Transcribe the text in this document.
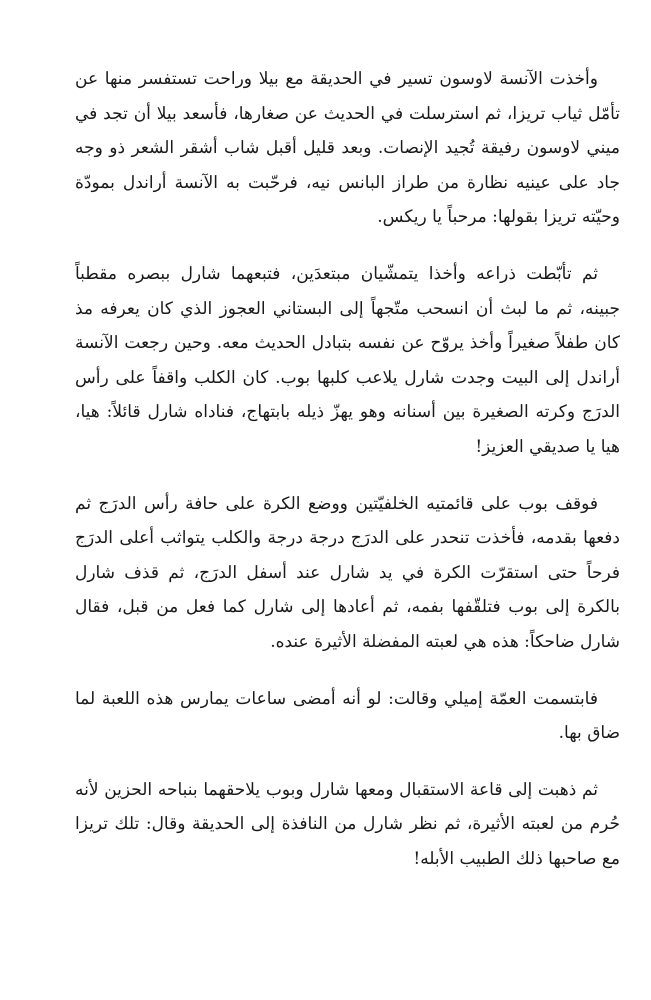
وأخذت الآنسة لاوسون تسير في الحديقة مع بيلا وراحت تستفسر منها عن تأمّل ثياب تريزا، ثم استرسلت في الحديث عن صغارها، فأسعد بيلا أن تجد في ميني لاوسون رفيقة تُجيد الإنصات. وبعد قليل أقبل شاب أشقر الشعر ذو وجه جاد على عينيه نظارة من طراز البانس نيه، فرحّبت به الآنسة أراندل بمودّة وحيّته تريزا بقولها: مرحباً يا ريكس.

ثم تأبّطت ذراعه وأخذا يتمشّيان مبتعدَين، فتبعهما شارل ببصره مقطباً جبينه، ثم ما لبث أن انسحب متّجهاً إلى البستاني العجوز الذي كان يعرفه مذ كان طفلاً صغيراً وأخذ يروّح عن نفسه بتبادل الحديث معه. وحين رجعت الآنسة أراندل إلى البيت وجدت شارل يلاعب كلبها بوب. كان الكلب واقفاً على رأس الدرَج وكرته الصغيرة بين أسنانه وهو يهزّ ذيله بابتهاج، فناداه شارل قائلاً: هيا، هيا يا صديقي العزيز!

فوقف بوب على قائمتيه الخلفيّتين ووضع الكرة على حافة رأس الدرَج ثم دفعها بقدمه، فأخذت تنحدر على الدرَج درجة درجة والكلب يتواثب أعلى الدرَج فرحاً حتى استقرّت الكرة في يد شارل عند أسفل الدرَج، ثم قذف شارل بالكرة إلى بوب فتلقّفها بفمه، ثم أعادها إلى شارل كما فعل من قبل، فقال شارل ضاحكاً: هذه هي لعبته المفضلة الأثيرة عنده.

فابتسمت العمّة إميلي وقالت: لو أنه أمضى ساعات يمارس هذه اللعبة لما ضاق بها.

ثم ذهبت إلى قاعة الاستقبال ومعها شارل وبوب يلاحقهما بنباحه الحزين لأنه حُرم من لعبته الأثيرة، ثم نظر شارل من النافذة إلى الحديقة وقال: تلك تريزا مع صاحبها ذلك الطبيب الأبله!
